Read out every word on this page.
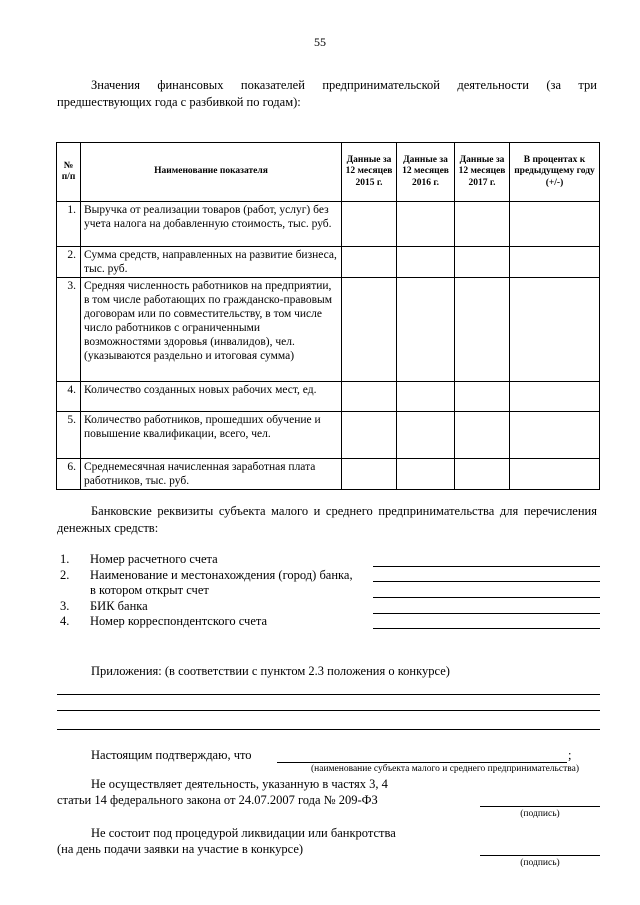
55
Значения финансовых показателей предпринимательской деятельности (за три предшествующих года с разбивкой по годам):
№ п/п	Наименование показателя	Данные за 12 месяцев 2015 г.	Данные за 12 месяцев 2016 г.	Данные за 12 месяцев 2017 г.	В процентах к предыдущему году (+/-)
1.	Выручка от реализации товаров (работ, услуг) без учета налога на добавленную стоимость, тыс. руб.				
2.	Сумма средств, направленных на развитие бизнеса, тыс. руб.				
3.	Средняя численность работников на предприятии, в том числе работающих по гражданско-правовым договорам или по совместительству, в том числе число работников с ограниченными возможностями здоровья (инвалидов), чел. (указываются раздельно и итоговая сумма)				
4.	Количество созданных новых рабочих мест, ед.				
5.	Количество работников, прошедших обучение и повышение квалификации, всего, чел.				
6.	Среднемесячная начисленная заработная плата работников, тыс. руб.				
Банковские реквизиты субъекта малого и среднего предпринимательства для перечисления денежных средств:
1. Номер расчетного счета
2. Наименование и местонахождения (город) банка,
в котором открыт счет
3. БИК банка
4. Номер корреспондентского счета
Приложения: (в соответствии с пунктом 2.3 положения о конкурсе)
Настоящим подтверждаю, что	;
(наименование субъекта малого и среднего предпринимательства)
Не осуществляет деятельность, указанную в частях 3, 4
статьи 14 федерального закона от 24.07.2007 года № 209-ФЗ
(подпись)
Не состоит под процедурой ликвидации или банкротства
(на день подачи заявки на участие в конкурсе)
(подпись)
